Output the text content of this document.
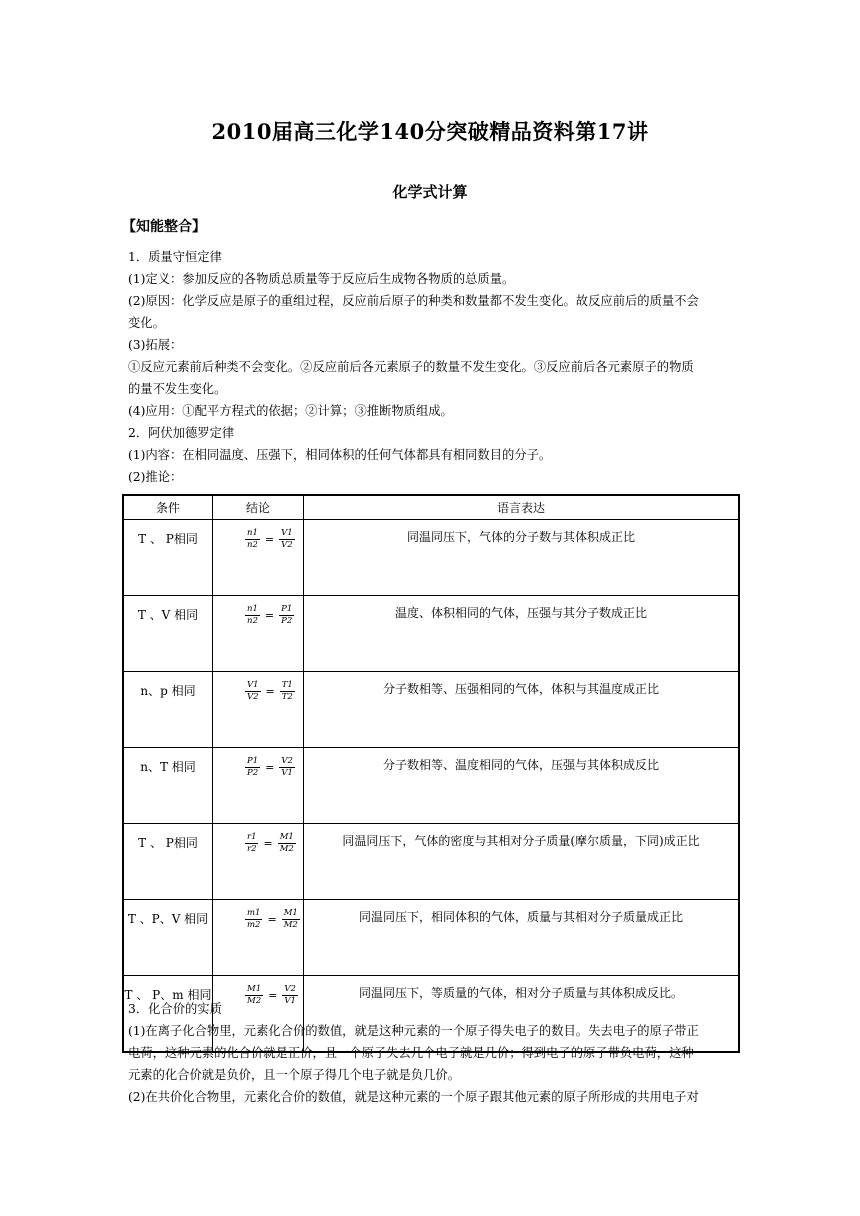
2010届高三化学140分突破精品资料第17讲
化学式计算
【知能整合】

1．质量守恒定律

(1)定义：参加反应的各物质总质量等于反应后生成物各物质的总质量。

(2)原因：化学反应是原子的重组过程，反应前后原子的种类和数量都不发生变化。故反应前后的质量不会

变化。

(3)拓展：

①反应元素前后种类不会变化。②反应前后各元素原子的数量不发生变化。③反应前后各元素原子的物质

的量不发生变化。

(4)应用：①配平方程式的依据；②计算；③推断物质组成。

2．阿伏加德罗定律

(1)内容：在相同温度、压强下，相同体积的任何气体都具有相同数目的分子。

(2)推论：

条件	结论	语言表达
T 、 P相同	$\frac{n1}{n2} = \frac{V1}{V2}$	同温同压下，气体的分子数与其体积成正比
T 、V 相同	$\frac{n1}{n2} = \frac{P1}{P2}$	温度、体积相同的气体，压强与其分子数成正比
n、p 相同	$\frac{V1}{V2} = \frac{T1}{T2}$	分子数相等、压强相同的气体，体积与其温度成正比
n、T 相同	$\frac{P1}{P2} = \frac{V2}{V1}$	分子数相等、温度相同的气体，压强与其体积成反比
T 、 P相同	$\frac{r1}{r2} = \frac{M1}{M2}$	同温同压下，气体的密度与其相对分子质量(摩尔质量，下同)成正比
T 、P、V 相同	$\frac{m1}{m2} = \frac{M1}{M2}$	同温同压下，相同体积的气体，质量与其相对分子质量成正比
T 、 P、m 相同	$\frac{M1}{M2} = \frac{V2}{V1}$	同温同压下，等质量的气体，相对分子质量与其体积成反比。

3．化合价的实质

(1)在离子化合物里，元素化合价的数值，就是这种元素的一个原子得失电子的数目。失去电子的原子带正

电荷，这种元素的化合价就是正价，且一个原子失去几个电子就是几价；得到电子的原子带负电荷，这种

元素的化合价就是负价，且一个原子得几个电子就是负几价。

(2)在共价化合物里，元素化合价的数值，就是这种元素的一个原子跟其他元素的原子所形成的共用电子对
